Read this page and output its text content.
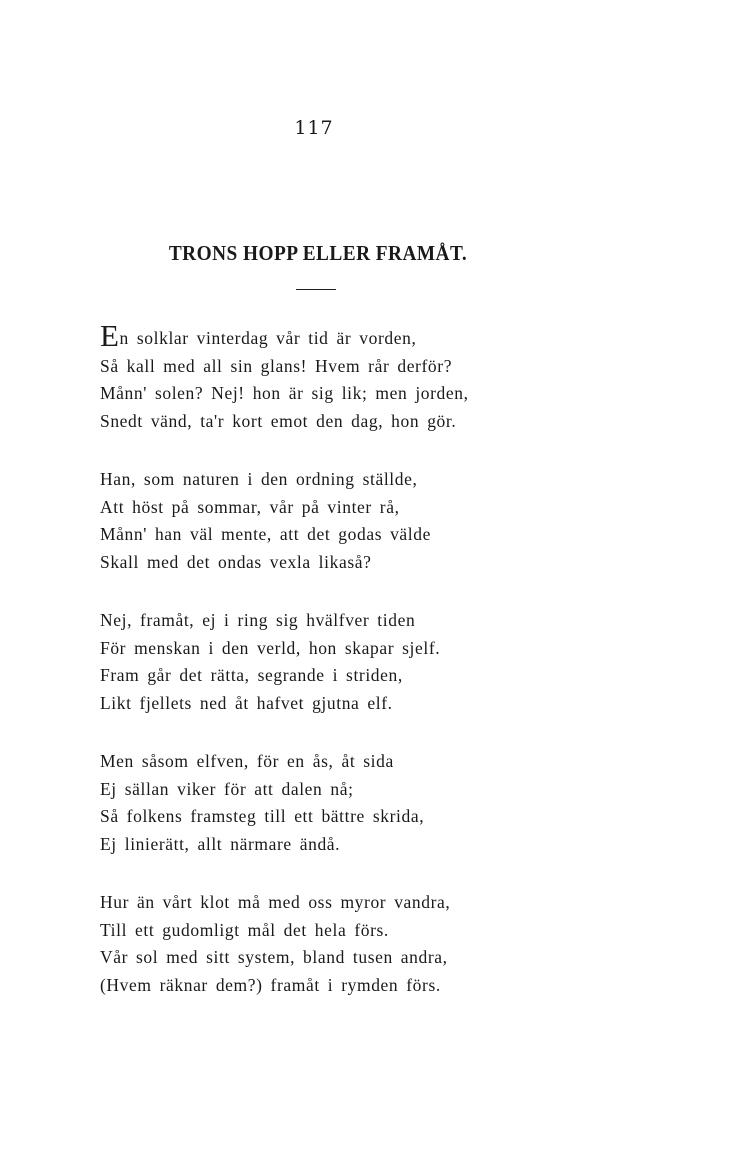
117
TRONS HOPP ELLER FRAMÅT.
En solklar vinterdag vår tid är vorden,
Så kall med all sin glans! Hvem rår derför?
Månn' solen? Nej! hon är sig lik; men jorden,
Snedt vänd, ta'r kort emot den dag, hon gör.
Han, som naturen i den ordning ställde,
Att höst på sommar, vår på vinter rå,
Månn' han väl mente, att det godas välde
Skall med det ondas vexla likaså?
Nej, framåt, ej i ring sig hvälfver tiden
För menskan i den verld, hon skapar sjelf.
Fram går det rätta, segrande i striden,
Likt fjellets ned åt hafvet gjutna elf.
Men såsom elfven, för en ås, åt sida
Ej sällan viker för att dalen nå;
Så folkens framsteg till ett bättre skrida,
Ej linierätt, allt närmare ändå.
Hur än vårt klot må med oss myror vandra,
Till ett gudomligt mål det hela förs.
Vår sol med sitt system, bland tusen andra,
(Hvem räknar dem?) framåt i rymden förs.
